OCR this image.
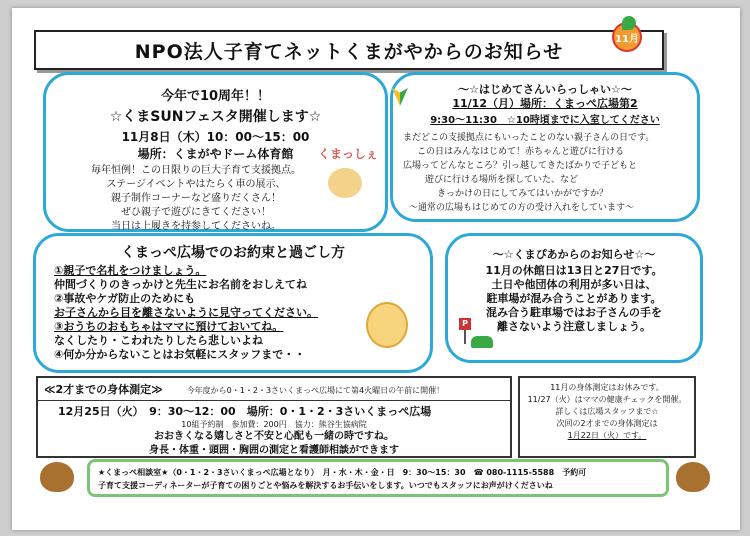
NPO法人子育てネットくまがやからのお知らせ
11月
今年で10周年！！
☆くまSUNフェスタ開催します☆
11月8日（木）10：00～15：00
場所：くまがやドーム体育館
毎年恒例！この日限りの巨大子育て支援拠点。
ステージイベントやはたらく車の展示、
親子制作コーナーなど盛りだくさん！
ぜひ親子で遊びにきてください！
当日は上履きを持参してくださいね。
くまっしぇ
～☆はじめてさんいらっしゃい☆～
11/12（月）場所：くまっぺ広場第2
9:30～11:30　☆10時頃までに入室してください
まだどこの支援拠点にもいったことのない親子さんの日です。
この日はみんなはじめて！赤ちゃんと遊びに行ける
広場ってどんなところ？引っ越してきたばかりで子どもと
遊びに行ける場所を探していた、など
きっかけの日にしてみてはいかがですか？
～通常の広場もはじめての方の受け入れをしています～
くまっぺ広場でのお約束と過ごし方
①親子で名札をつけましょう。
仲間づくりのきっかけと先生にお名前をおしえてね
②事故やケガ防止のためにも
お子さんから目を離さないように見守ってください。
③おうちのおもちゃはママに預けておいてね。
なくしたり・こわれたりしたら悲しいよね
④何か分からないことはお気軽にスタッフまで・・
～☆くまぴあからのお知らせ☆～
11月の休館日は13日と27日です。
土日や他団体の利用が多い日は、
駐車場が混み合うことがあります。
混み合う駐車場ではお子さんの手を
離さないよう注意しましょう。
P
≪2才までの身体測定≫	今年度から0・1・2・3さいくまっぺ広場にて第4火曜日の午前に開催！
12月25日（火）　9：30～12：00　場所：0・1・2・3さいくまっぺ広場
10組予約制　参加費：200円　協力：熊谷生協病院
おおきくなる嬉しさと不安と心配も一緒の時ですね。
身長・体重・頭囲・胸囲の測定と看護師相談ができます
11月の身体測定はお休みです。
11/27（火）はママの健康チェックを開催。詳しくは広場スタッフまで☆
次回の2才までの身体測定は
1月22日（火）です。
★くまっぺ相談室★（0・1・2・3さいくまっぺ広場となり）　月・水・木・金・日　9：30～15：30　☎ 080-1115-5588　予約可
子育て支援コーディネーターが子育ての困りごとや悩みを解決するお手伝いをします。いつでもスタッフにお声がけくださいね
